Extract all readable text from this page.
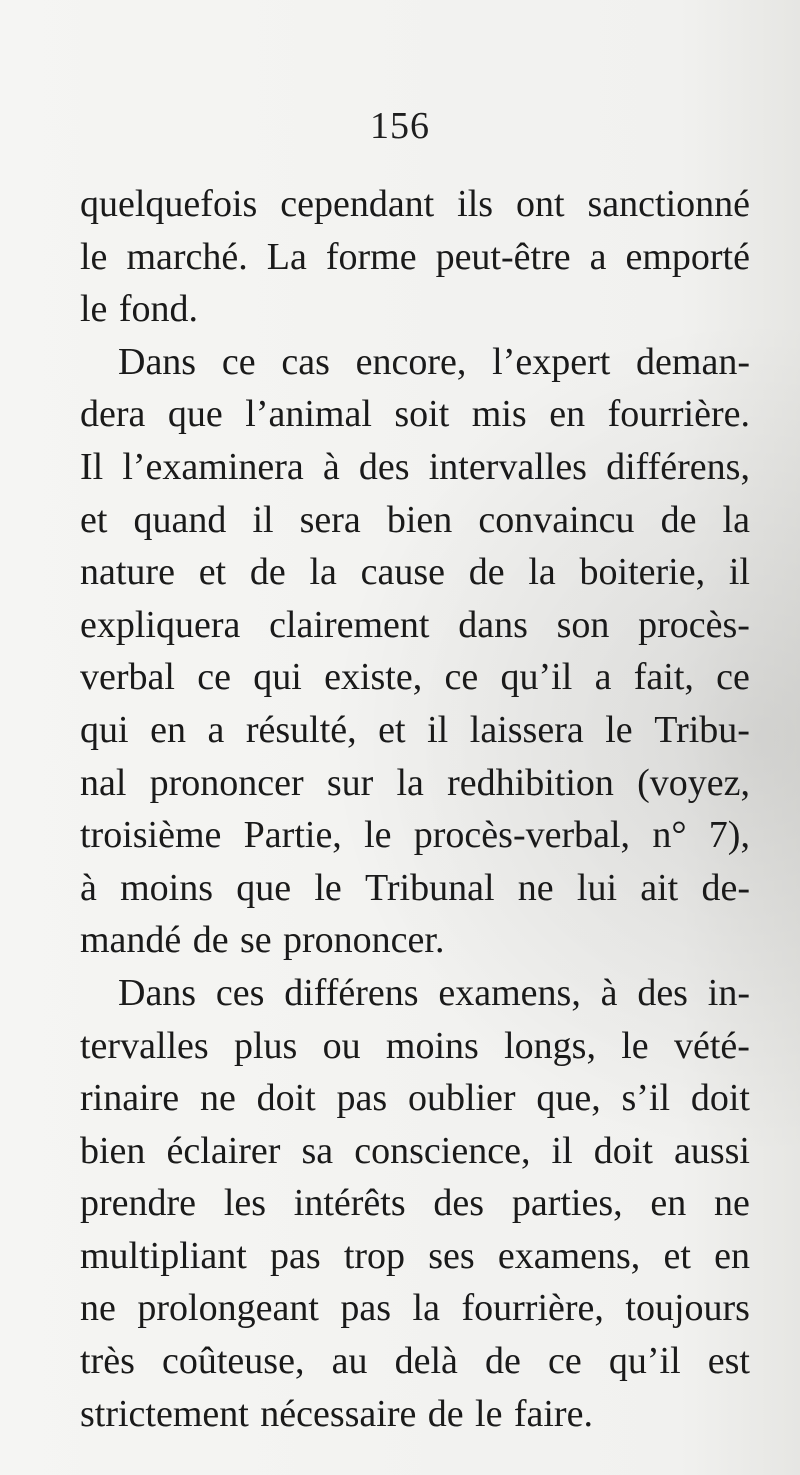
156
quelquefois cependant ils ont sanctionné
le marché. La forme peut-être a emporté
le fond.
Dans ce cas encore, l’expert deman-
dera que l’animal soit mis en fourrière.
Il l’examinera à des intervalles différens,
et quand il sera bien convaincu de la
nature et de la cause de la boiterie, il
expliquera clairement dans son procès-
verbal ce qui existe, ce qu’il a fait, ce
qui en a résulté, et il laissera le Tribu-
nal prononcer sur la redhibition (voyez,
troisième Partie, le procès-verbal, n° 7),
à moins que le Tribunal ne lui ait de-
mandé de se prononcer.
Dans ces différens examens, à des in-
tervalles plus ou moins longs, le vété-
rinaire ne doit pas oublier que, s’il doit
bien éclairer sa conscience, il doit aussi
prendre les intérêts des parties, en ne
multipliant pas trop ses examens, et en
ne prolongeant pas la fourrière, toujours
très coûteuse, au delà de ce qu’il est
strictement nécessaire de le faire.
